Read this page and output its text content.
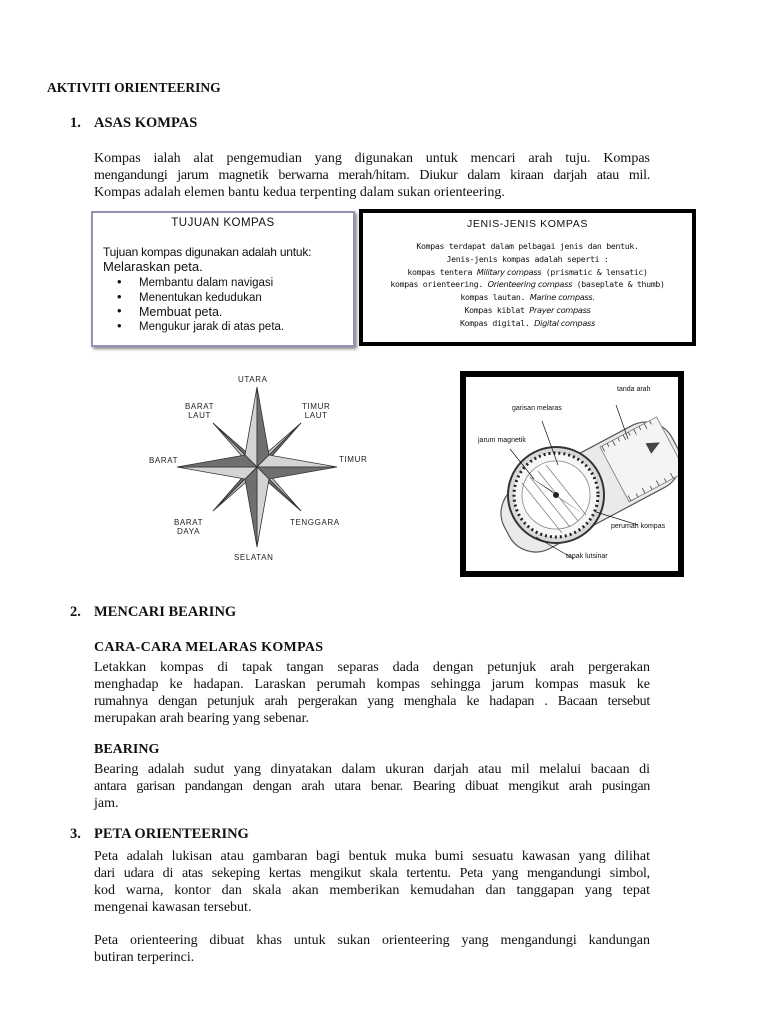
AKTIVITI ORIENTEERING
1. ASAS KOMPAS
Kompas ialah alat pengemudian yang digunakan untuk mencari arah tuju. Kompas
mengandungi jarum magnetik berwarna merah/hitam. Diukur dalam kiraan darjah atau mil.
Kompas adalah elemen bantu kedua terpenting dalam sukan orienteering.
TUJUAN KOMPAS
Tujuan kompas digunakan adalah untuk:
Melaraskan peta.
• Membantu dalam navigasi
• Menentukan kedudukan
• Membuat peta.
• Mengukur jarak di atas peta.
JENIS-JENIS KOMPAS
Kompas terdapat dalam pelbagai jenis dan bentuk.
Jenis-jenis kompas adalah seperti :
kompas tentera Military compass (prismatic & lensatic)
kompas orienteering. Orienteering compass (baseplate & thumb)
kompas lautan. Marine compass.
Kompas kiblat Prayer compass
Kompas digital. Digital compass
UTARA
BARAT
LAUT
TIMUR
LAUT
BARAT	TIMUR
BARAT
DAYA
TENGGARA
SELATAN
tanda arah
garisan melaras
jarum magnetik
perumah kompas
tapak lutsinar
2. MENCARI BEARING
CARA-CARA MELARAS KOMPAS
Letakkan kompas di tapak tangan separas dada dengan petunjuk arah pergerakan
menghadap ke hadapan. Laraskan perumah kompas sehingga jarum kompas masuk ke
rumahnya dengan petunjuk arah pergerakan yang menghala ke hadapan . Bacaan tersebut
merupakan arah bearing yang sebenar.
BEARING
Bearing adalah sudut yang dinyatakan dalam ukuran darjah atau mil melalui bacaan di
antara garisan pandangan dengan arah utara benar. Bearing dibuat mengikut arah pusingan
jam.
3. PETA ORIENTEERING
Peta adalah lukisan atau gambaran bagi bentuk muka bumi sesuatu kawasan yang dilihat
dari udara di atas sekeping kertas mengikut skala tertentu. Peta yang mengandungi simbol,
kod warna, kontor dan skala akan memberikan kemudahan dan tanggapan yang tepat
mengenai kawasan tersebut.
Peta orienteering dibuat khas untuk sukan orienteering yang mengandungi kandungan
butiran terperinci.
